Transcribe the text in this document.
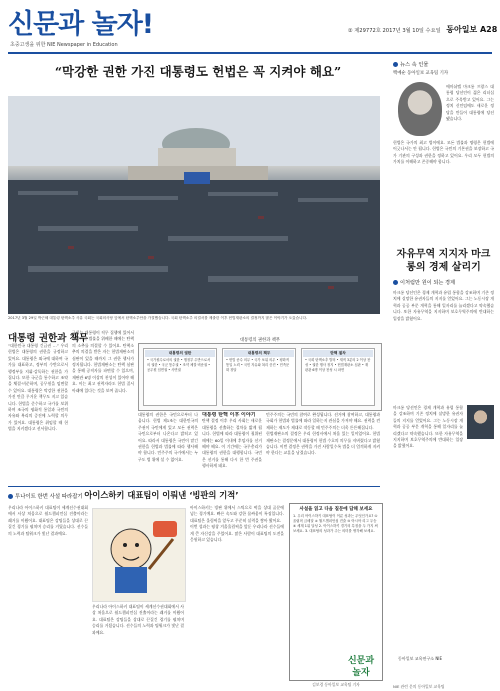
신문과 놀자!
초중고생을 위한 NIE Newspaper in Education
② 제29772호 2017년 3월 10일 수요일 동아일보 A28
“막강한 권한 가진 대통령도 헌법은 꼭 지켜야 해요”
2017년 3월 29일 박근혜 대통령 탄핵소추 사유 국회는 국회의사당 앞에서 탄핵소추안을 가결했습니다. 국회 탄핵소추 의결서를 제출한 이후 헌법재판소의 결정까지 많은 이야기가 오갔습니다.
대통령 권한과 책무
“대한민국 대통령 긴급권 …” 우리 헌법은 대통령의 권한을 규정하고 있어요. 대통령은 외국에 대하여 국가를 대표하고, 정부의 수반으로서 행정부를 지휘·감독하는 권한을 가집니다. 또한 국군을 통수하고 조약을 체결·비준하며, 공무원을 임면할 수 있어요. 대통령은 막강한 권한을 가진 만큼 무거운 책무도 지고 있습니다. 헌법을 준수하고 국가를 보위하며 조국의 평화적 통일과 국민의 자유와 복리의 증진에 노력할 의무가 있어요. 대통령은 취임할 때 헌법을 지키겠다고 선서합니다.
국회는 대통령이 직무 집행에 있어서 헌법이나 법률을 위배한 때에는 탄핵의 소추를 의결할 수 있어요. 탄핵소추의 의결을 받은 자는 헌법재판소의 심판이 있을 때까지 그 권한 행사가 정지됩니다. 헌법재판소는 탄핵 심판을 통해 공직자를 파면할 수 있으며, 재판관 6명 이상의 찬성이 있어야 해요. 이는 최고 권력자라도 헌법 질서 아래에 있다는 것을 보여 줍니다.
대통령의 권한과 책무
대통령의 권한
• 국가원수로서의 권한 • 행정부 수반으로서의 권한 • 국군 통수권 • 조약 체결·비준권 • 공무원 임면권 • 사면권
대통령의 책무
• 헌법 준수 의무 • 국가 보위 의무 • 평화적 통일 노력 • 국민 자유와 복리 증진 • 민족문화 창달
탄핵 절차
• 국회 탄핵소추 발의 • 재적 3분의 2 이상 찬성 • 권한 행사 정지 • 헌법재판소 심판 • 재판관 6명 이상 찬성 시 파면
대통령의 권한은 국민으로부터 나옵니다. 헌법 제1조는 대한민국의 주권이 국민에게 있고 모든 권력은 국민으로부터 나온다고 밝히고 있어요. 따라서 대통령은 국민이 맡긴 권한을 헌법과 법률에 따라 행사해야 합니다. 민주주의 국가에서는 누구도 법 위에 설 수 없어요.
대통령 탄핵 이후 이야기
탄핵 결정 이후 우리 사회는 새로운 대통령을 선출하는 절차를 밟게 됩니다. 헌법에 따라 대통령이 궐위된 때에는 60일 이내에 후임자를 선거해야 해요. 이 기간에는 국무총리가 대통령의 권한을 대행합니다. 국민은 선거를 통해 다시 한 번 주권을 행사하게 돼요.
민주주의는 국민의 참여로 완성됩니다. 선거에 참여하고, 대통령과 국회가 헌법과 법률에 따라 일하는지 관심을 가져야 해요. 권력을 견제하는 제도가 제대로 작동할 때 민주주의는 더욱 튼튼해집니다.
헌법재판소의 결정은 우리 헌정사에서 처음 있는 일이었어요. 헌법재판소는 결정문에서 대통령이 헌법 수호의 의무를 저버렸다고 밝혔습니다. 이번 결정은 권력을 가진 사람일수록 법을 더 엄격하게 지켜야 한다는 교훈을 남겼습니다.
뉴스 속 인물
백예순 동아일보 교육팀 기자
에마뉘엘 마크롱 프랑스 대통령 당선인이 젊은 리더십으로 주목받고 있어요. 그는 정치 신인임에도 새로운 정당을 만들어 대통령에 당선됐습니다.
헌법은 국가의 최고 법이에요. 모든 법률과 명령은 헌법에 어긋나서는 안 됩니다. 헌법은 국민의 기본권을 보장하고 국가 기관의 구성과 권한을 정하고 있어요. 우리 모두 헌법의 가치를 이해하고 존중해야 합니다.
자유무역 지지자 마크롱의 경제 살리기
이처럼만 원이 되는 경제
마크롱 당선인은 경제 개혁과 유럽 통합을 강조하며 기존 정치에 실망한 유권자들의 지지를 얻었어요. 그는 노동시장 개혁과 공공 부문 개혁을 통해 일자리를 늘리겠다고 약속했습니다. 또한 자유무역을 지지하며 보호무역주의에 반대하는 입장을 밝혔어요.
마크롱 당선인은 경제 개혁과 유럽 통합을 강조하며 기존 정치에 실망한 유권자들의 지지를 얻었어요. 그는 노동시장 개혁과 공공 부문 개혁을 통해 일자리를 늘리겠다고 약속했습니다. 또한 자유무역을 지지하며 보호무역주의에 반대하는 입장을 밝혔어요.
투나이트 한번 사설 따라잡기 아이스하키 대표팀이 이뤄낸 ‘빙판의 기적’
우리나라 아이스하키 대표팀이 세계선수권대회에서 사상 처음으로 월드챔피언십 진출이라는 쾌거를 이뤘어요. 대표팀은 강팀들을 상대로 끈질긴 경기를 펼치며 승리를 거뒀습니다. 선수들의 노력과 팀워크가 빛난 결과예요.
아이스하키는 빙판 위에서 스틱으로 퍽을 상대 골문에 넣는 경기예요. 빠른 속도와 강한 몸싸움이 특징입니다. 대표팀은 올림픽을 앞두고 꾸준히 실력을 쌓아 왔어요.
이번 성과는 평창 겨울올림픽을 앞둔 우리나라 선수들에게 큰 자신감을 주었어요. 많은 사람이 대표팀의 도전을 응원하고 있습니다.
우리나라 아이스하키 대표팀이 세계선수권대회에서 사상 처음으로 월드챔피언십 진출이라는 쾌거를 이뤘어요. 대표팀은 강팀들을 상대로 끈질긴 경기를 펼치며 승리를 거뒀습니다. 선수들의 노력과 팀워크가 빛난 결과예요.
사설을 읽고 다음 질문에 답해 보세요
1. 우리 아이스하키 대표팀이 이룬 성과는 무엇인가요? ① 올림픽 금메달 ② 월드챔피언십 진출 ③ 아시아 리그 우승 ④ 세계 1위 달성 2. 아이스하키 경기의 특징을 두 가지 써 보세요. 3. 대표팀의 성과가 주는 의미를 생각해 보세요.
신문과 놀자
동아일보 교육연구소 NIE
김보경 동아일보 교육팀 기자	NIE 관련 문의 동아일보 교육팀
